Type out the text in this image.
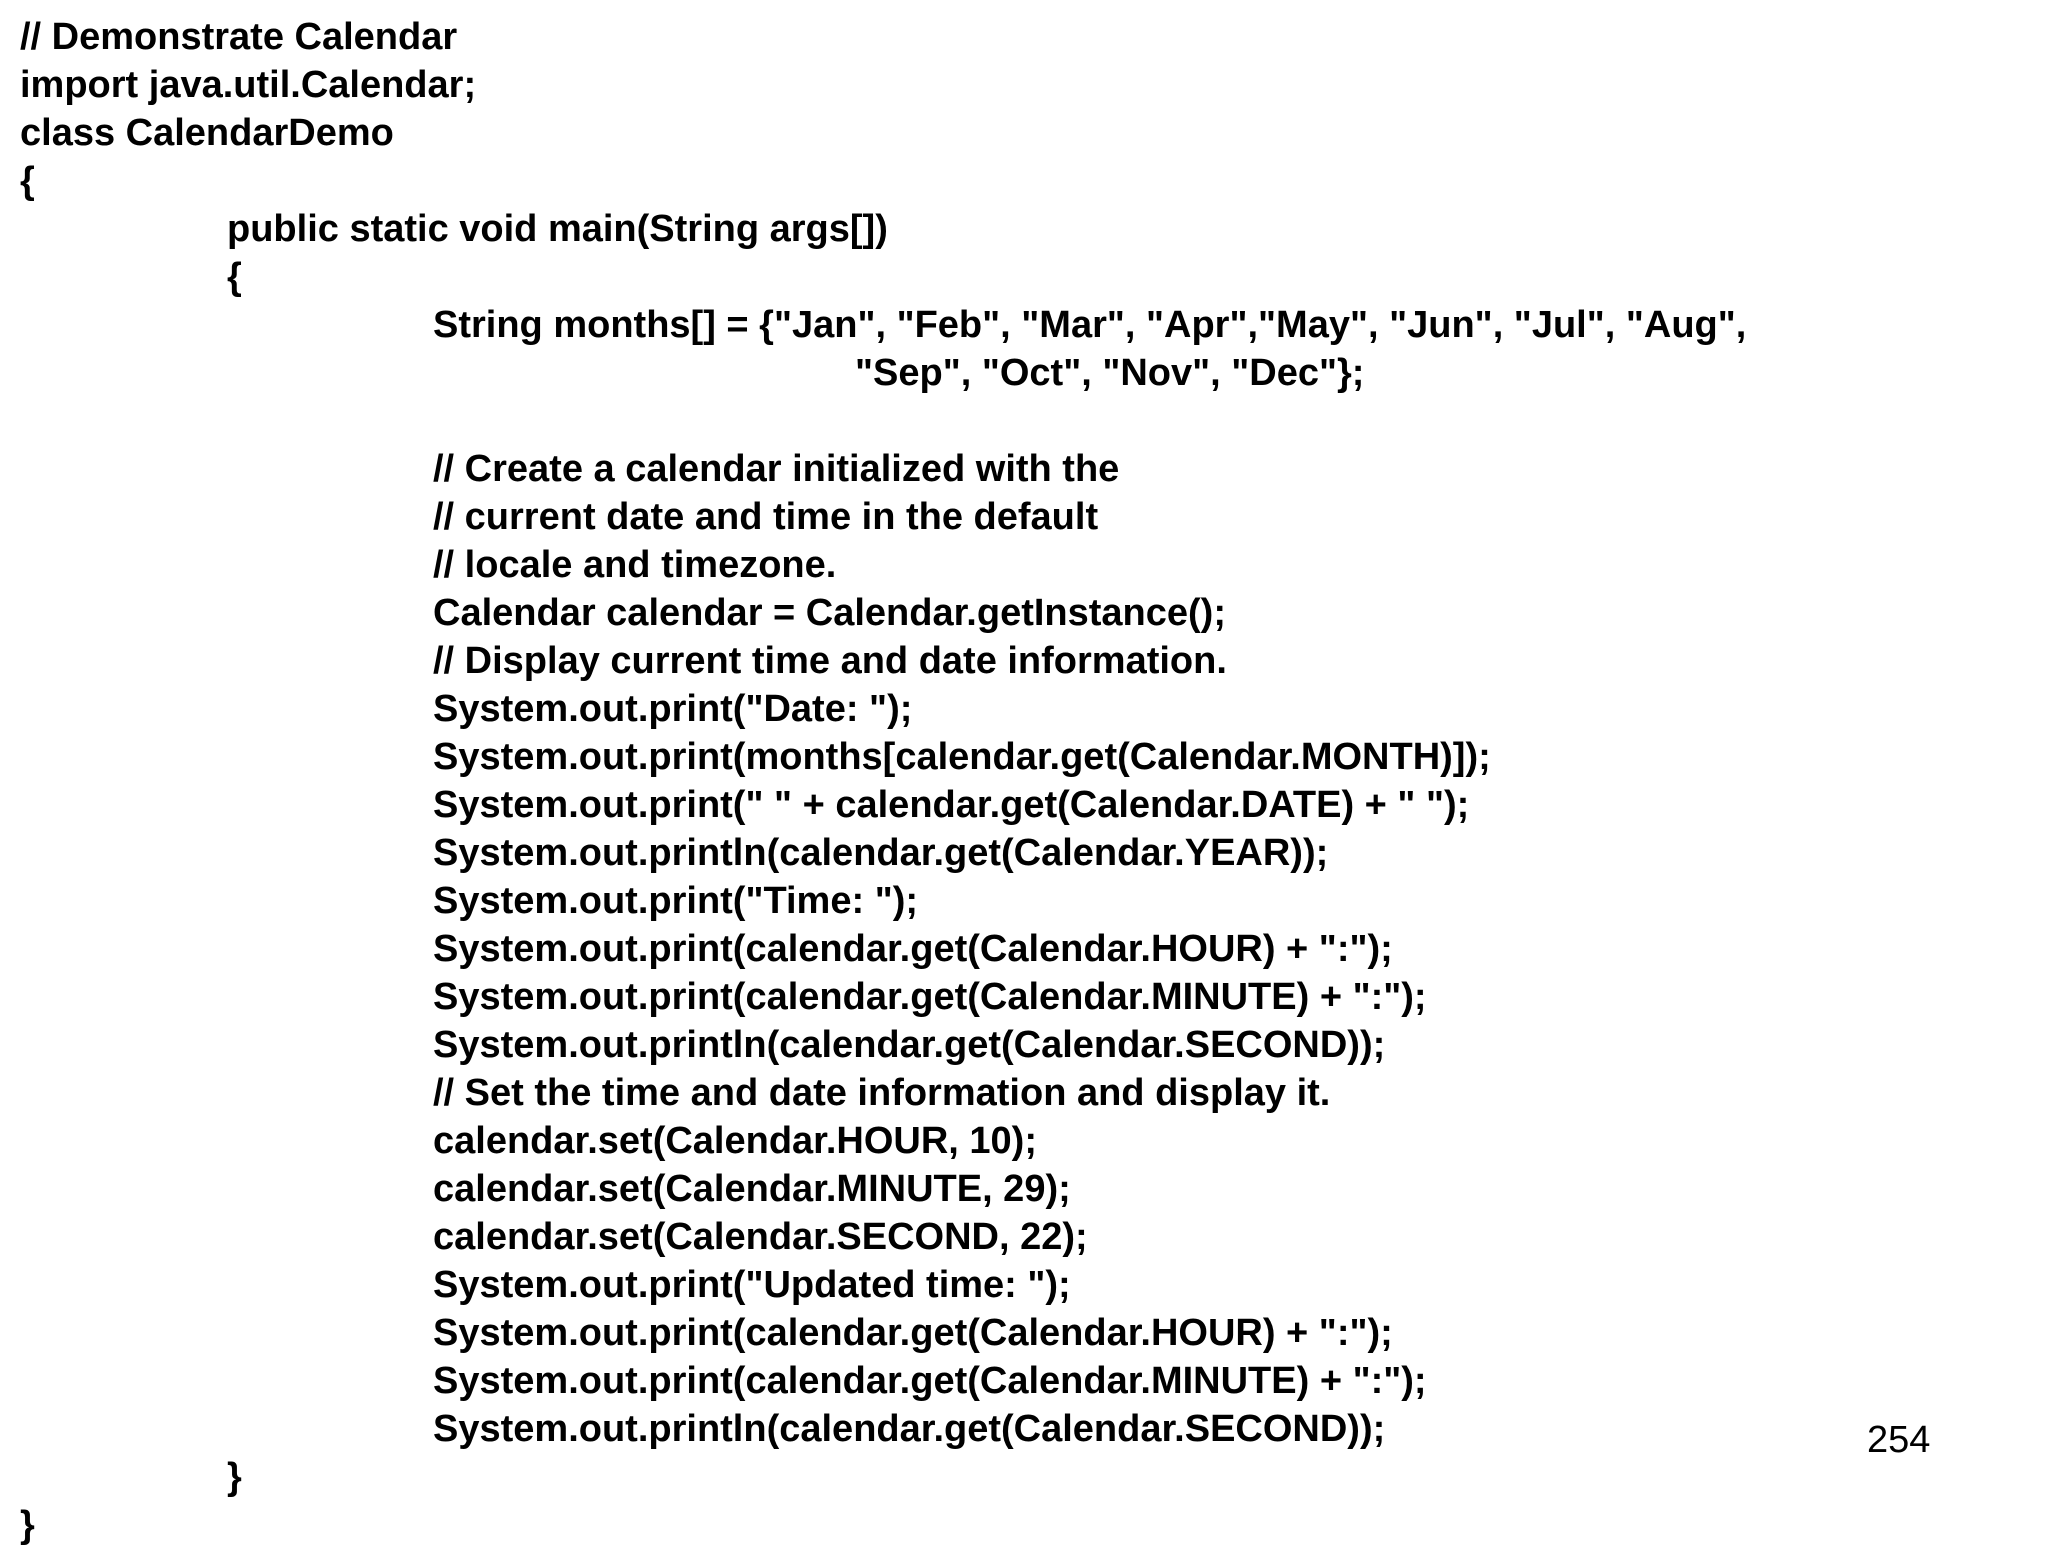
// Demonstrate Calendar
import java.util.Calendar;
class CalendarDemo
{
public static void main(String args[])
{
String months[] = {"Jan", "Feb", "Mar", "Apr","May", "Jun", "Jul", "Aug",
"Sep", "Oct", "Nov", "Dec"};
// Create a calendar initialized with the
// current date and time in the default
// locale and timezone.
Calendar calendar = Calendar.getInstance();
// Display current time and date information.
System.out.print("Date: ");
System.out.print(months[calendar.get(Calendar.MONTH)]);
System.out.print(" " + calendar.get(Calendar.DATE) + " ");
System.out.println(calendar.get(Calendar.YEAR));
System.out.print("Time: ");
System.out.print(calendar.get(Calendar.HOUR) + ":");
System.out.print(calendar.get(Calendar.MINUTE) + ":");
System.out.println(calendar.get(Calendar.SECOND));
// Set the time and date information and display it.
calendar.set(Calendar.HOUR, 10);
calendar.set(Calendar.MINUTE, 29);
calendar.set(Calendar.SECOND, 22);
System.out.print("Updated time: ");
System.out.print(calendar.get(Calendar.HOUR) + ":");
System.out.print(calendar.get(Calendar.MINUTE) + ":");
System.out.println(calendar.get(Calendar.SECOND));
}
}
254
